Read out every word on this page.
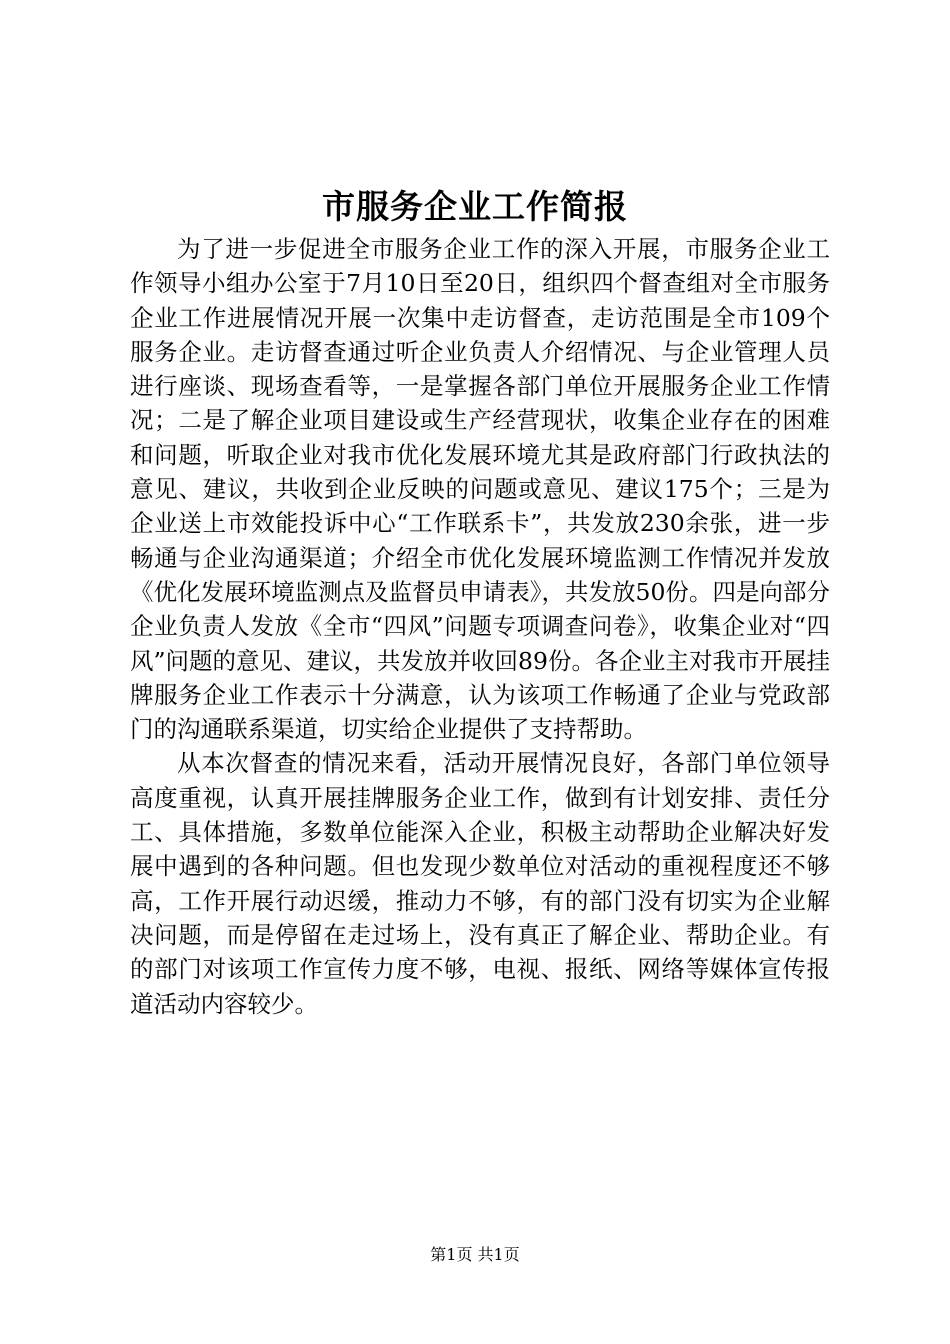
市服务企业工作简报

为了进一步促进全市服务企业工作的深入开展，市服务企业工作领导小组办公室于7月10日至20日，组织四个督查组对全市服务企业工作进展情况开展一次集中走访督查，走访范围是全市109个服务企业。走访督查通过听企业负责人介绍情况、与企业管理人员进行座谈、现场查看等，一是掌握各部门单位开展服务企业工作情况；二是了解企业项目建设或生产经营现状，收集企业存在的困难和问题，听取企业对我市优化发展环境尤其是政府部门行政执法的意见、建议，共收到企业反映的问题或意见、建议175个；三是为企业送上市效能投诉中心“工作联系卡”，共发放230余张，进一步畅通与企业沟通渠道；介绍全市优化发展环境监测工作情况并发放《优化发展环境监测点及监督员申请表》，共发放50份。四是向部分企业负责人发放《全市“四风”问题专项调查问卷》，收集企业对“四风”问题的意见、建议，共发放并收回89份。各企业主对我市开展挂牌服务企业工作表示十分满意，认为该项工作畅通了企业与党政部门的沟通联系渠道，切实给企业提供了支持帮助。

从本次督查的情况来看，活动开展情况良好，各部门单位领导高度重视，认真开展挂牌服务企业工作，做到有计划安排、责任分工、具体措施，多数单位能深入企业，积极主动帮助企业解决好发展中遇到的各种问题。但也发现少数单位对活动的重视程度还不够高，工作开展行动迟缓，推动力不够，有的部门没有切实为企业解决问题，而是停留在走过场上，没有真正了解企业、帮助企业。有的部门对该项工作宣传力度不够，电视、报纸、网络等媒体宣传报道活动内容较少。

第1页 共1页
